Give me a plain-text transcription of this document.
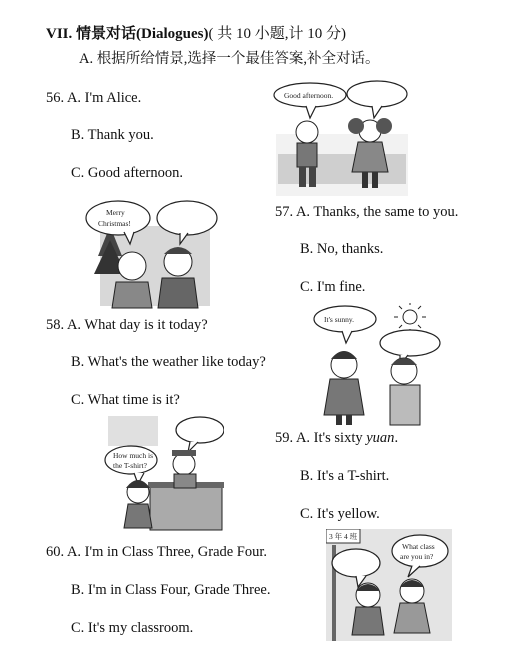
VII. 情景对话(Dialogues)( 共 10 小题,计 10 分)
A. 根据所给情景,选择一个最佳答案,补全对话。
56. A. I'm Alice.
B. Thank you.
C. Good afternoon.
57. A. Thanks, the same to you.
B. No, thanks.
C. I'm fine.
58. A. What day is it today?
B. What's the weather like today?
C. What time is it?
59. A. It's sixty yuan.
B. It's a T-shirt.
C. It's yellow.
60. A. I'm in Class Three, Grade Four.
B. I'm in Class Four, Grade Three.
C. It's my classroom.
Good afternoon.
Merry
Christmas!
It's sunny.
How much is
the T-shirt?
3 年 4 班
What class
are you in?
